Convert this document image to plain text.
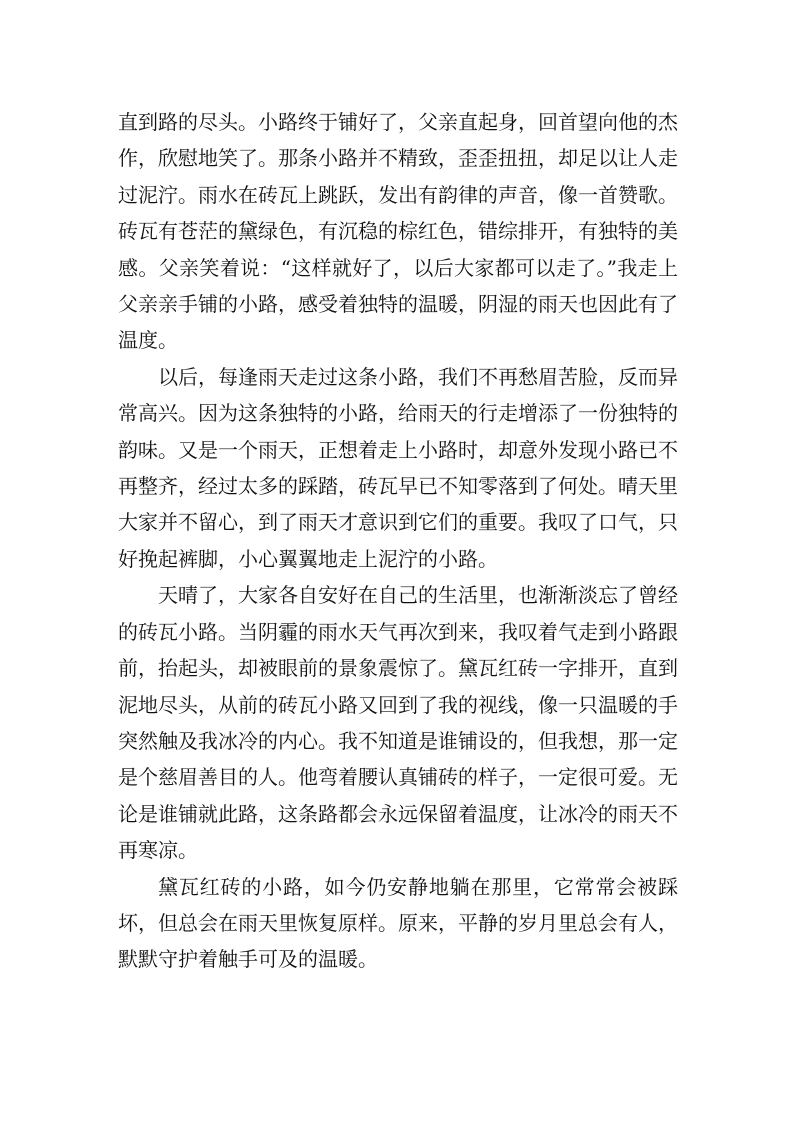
直到路的尽头。小路终于铺好了，父亲直起身，回首望向他的杰作，欣慰地笑了。那条小路并不精致，歪歪扭扭，却足以让人走过泥泞。雨水在砖瓦上跳跃，发出有韵律的声音，像一首赞歌。砖瓦有苍茫的黛绿色，有沉稳的棕红色，错综排开，有独特的美感。父亲笑着说：“这样就好了，以后大家都可以走了。”我走上父亲亲手铺的小路，感受着独特的温暖，阴湿的雨天也因此有了温度。

以后，每逢雨天走过这条小路，我们不再愁眉苦脸，反而异常高兴。因为这条独特的小路，给雨天的行走增添了一份独特的韵味。又是一个雨天，正想着走上小路时，却意外发现小路已不再整齐，经过太多的踩踏，砖瓦早已不知零落到了何处。晴天里大家并不留心，到了雨天才意识到它们的重要。我叹了口气，只好挽起裤脚，小心翼翼地走上泥泞的小路。

天晴了，大家各自安好在自己的生活里，也渐渐淡忘了曾经的砖瓦小路。当阴霾的雨水天气再次到来，我叹着气走到小路跟前，抬起头，却被眼前的景象震惊了。黛瓦红砖一字排开，直到泥地尽头，从前的砖瓦小路又回到了我的视线，像一只温暖的手突然触及我冰冷的内心。我不知道是谁铺设的，但我想，那一定是个慈眉善目的人。他弯着腰认真铺砖的样子，一定很可爱。无论是谁铺就此路，这条路都会永远保留着温度，让冰冷的雨天不再寒凉。

黛瓦红砖的小路，如今仍安静地躺在那里，它常常会被踩坏，但总会在雨天里恢复原样。原来，平静的岁月里总会有人，默默守护着触手可及的温暖。
